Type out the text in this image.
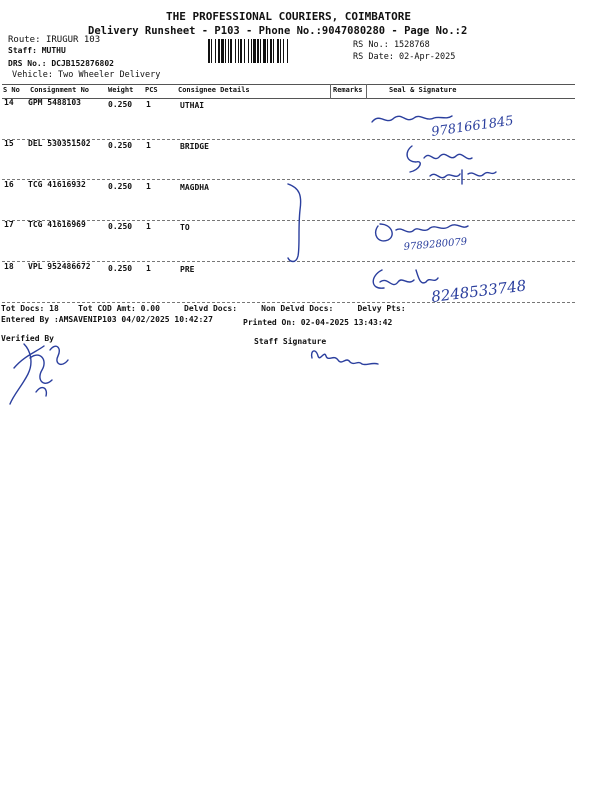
THE PROFESSIONAL COURIERS, COIMBATORE
Delivery Runsheet - P103 - Phone No.:9047080280 - Page No.:2
Route: IRUGUR 103
Staff: MUTHU
DRS No.: DCJB152876802
Vehicle: Two Wheeler Delivery
RS No.: 1528768
RS Date: 02-Apr-2025
S No Consignment No	Weight PCS	Consignee Details	Remarks	Seal & Signature
14 GPM 5488103	0.250 1	UTHAI
15 DEL 530351502 0.250 1	BRIDGE
16 TCG 41616932	0.250 1	MAGDHA
17 TCG 41616969	0.250 1	TO
18 VPL 952486672 0.250 1	PRE
9781661845
9789280079
8248533748
Tot Docs: 18 Tot COD Amt: 0.00	Delvd Docs:	Non Delvd Docs:	Delvy Pts:
Entered By :AMSAVENIP103 04/02/2025 10:42:27	Printed On: 02-04-2025 13:43:42
Verified By	Staff Signature
